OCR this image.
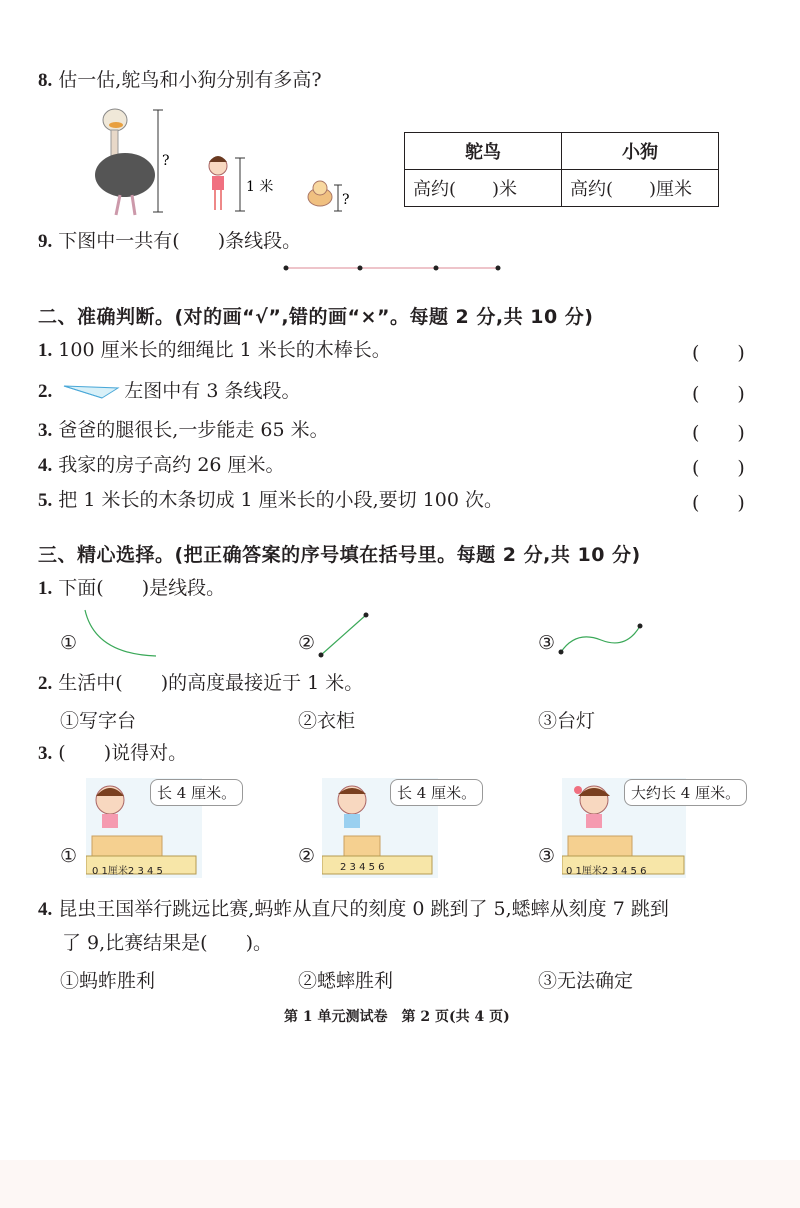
8. 估一估,鸵鸟和小狗分别有多高?
?
1 米
?
鸵鸟	小狗
高约(　　)米	高约(　　)厘米
9. 下图中一共有(　　)条线段。
二、准确判断。(对的画“√”,错的画“×”。每题 2 分,共 10 分)
1. 100 厘米长的细绳比 1 米长的木棒长。	(　　)
2.	左图中有 3 条线段。	(　　)
3. 爸爸的腿很长,一步能走 65 米。	(　　)
4. 我家的房子高约 26 厘米。	(　　)
5. 把 1 米长的木条切成 1 厘米长的小段,要切 100 次。	(　　)
三、精心选择。(把正确答案的序号填在括号里。每题 2 分,共 10 分)
1. 下面(　　)是线段。
①	②	③
2. 生活中(　　)的高度最接近于 1 米。
①写字台	②衣柜	③台灯
3. (　　)说得对。
①
0 1厘米2 3 4 5
长 4 厘米。
②
2 3 4 5 6
长 4 厘米。
③
0 1厘米2 3 4 5 6
大约长 4 厘米。
4. 昆虫王国举行跳远比赛,蚂蚱从直尺的刻度 0 跳到了 5,蟋蟀从刻度 7 跳到
了 9,比赛结果是(　　)。
①蚂蚱胜利	②蟋蟀胜利	③无法确定
第 1 单元测试卷　第 2 页(共 4 页)
